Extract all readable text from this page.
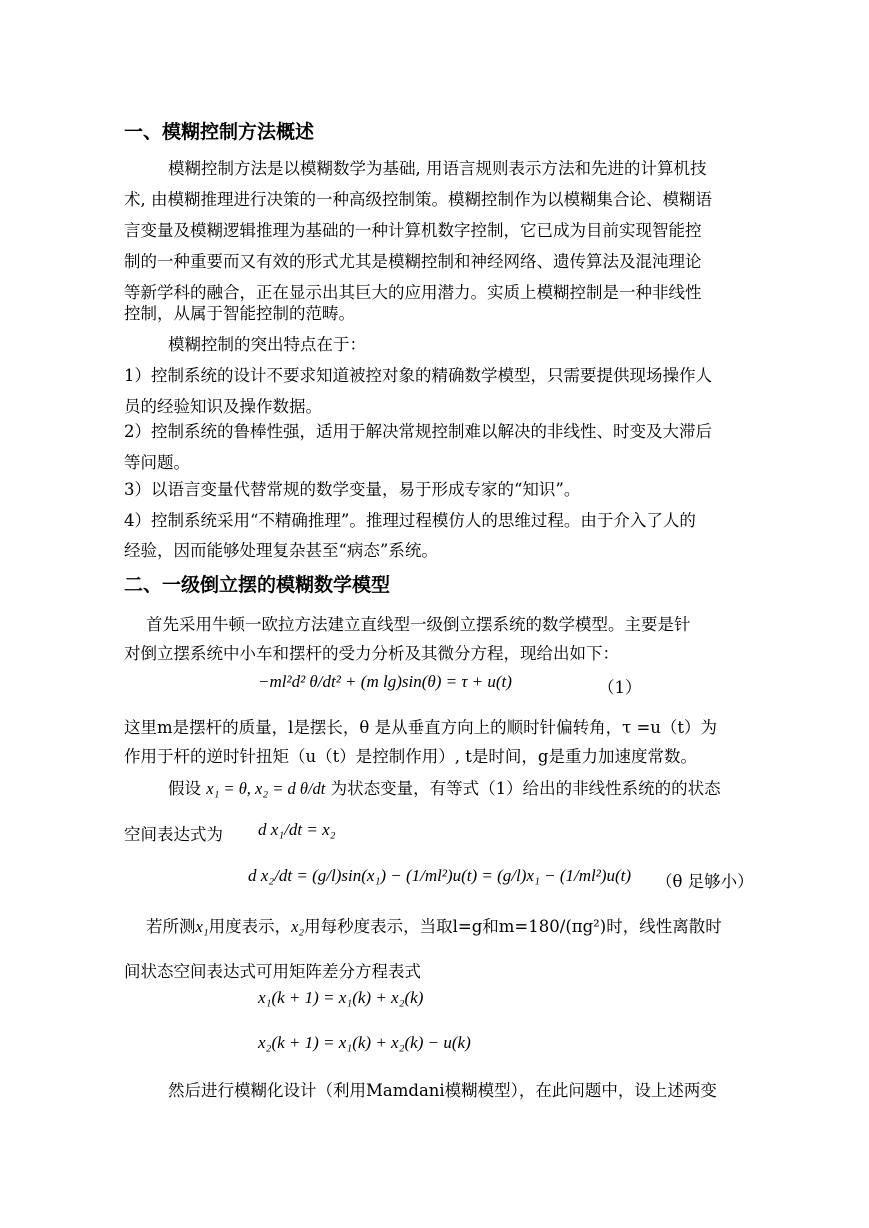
一、模糊控制方法概述
模糊控制方法是以模糊数学为基础, 用语言规则表示方法和先进的计算机技
术, 由模糊推理进行决策的一种高级控制策。模糊控制作为以模糊集合论、模糊语
言变量及模糊逻辑推理为基础的一种计算机数字控制，它已成为目前实现智能控
制的一种重要而又有效的形式尤其是模糊控制和神经网络、遗传算法及混沌理论
等新学科的融合，正在显示出其巨大的应用潜力。实质上模糊控制是一种非线性
控制，从属于智能控制的范畴。
模糊控制的突出特点在于：
1）控制系统的设计不要求知道被控对象的精确数学模型，只需要提供现场操作人
员的经验知识及操作数据。
2）控制系统的鲁棒性强，适用于解决常规控制难以解决的非线性、时变及大滞后
等问题。
3）以语言变量代替常规的数学变量，易于形成专家的“知识”。
4）控制系统采用“不精确推理”。推理过程模仿人的思维过程。由于介入了人的
经验，因而能够处理复杂甚至“病态”系统。
二、一级倒立摆的模糊数学模型
首先采用牛顿一欧拉方法建立直线型一级倒立摆系统的数学模型。主要是针
对倒立摆系统中小车和摆杆的受力分析及其微分方程，现给出如下：
−ml²d² θ/dt² + (m lg)sin(θ) = τ + u(t)	（1）
这里m是摆杆的质量，l是摆长，θ 是从垂直方向上的顺时针偏转角，τ =u（t）为
作用于杆的逆时针扭矩（u（t）是控制作用）, t是时间，g是重力加速度常数。
假设 x₁ = θ, x₂ = d θ/dt 为状态变量，有等式（1）给出的非线性系统的的状态
空间表达式为 d x₁/dt = x₂
d x₂/dt = (g/l)sin(x₁) − (1/ml²)u(t) = (g/l)x₁ − (1/ml²)u(t) （θ 足够小）
若所测x₁用度表示，x₂用每秒度表示，当取l=g和m=180/(πg²)时，线性离散时
间状态空间表达式可用矩阵差分方程表式
x₁(k + 1) = x₁(k) + x₂(k)
x₂(k + 1) = x₁(k) + x₂(k) − u(k)
然后进行模糊化设计（利用Mamdani模糊模型），在此问题中，设上述两变
